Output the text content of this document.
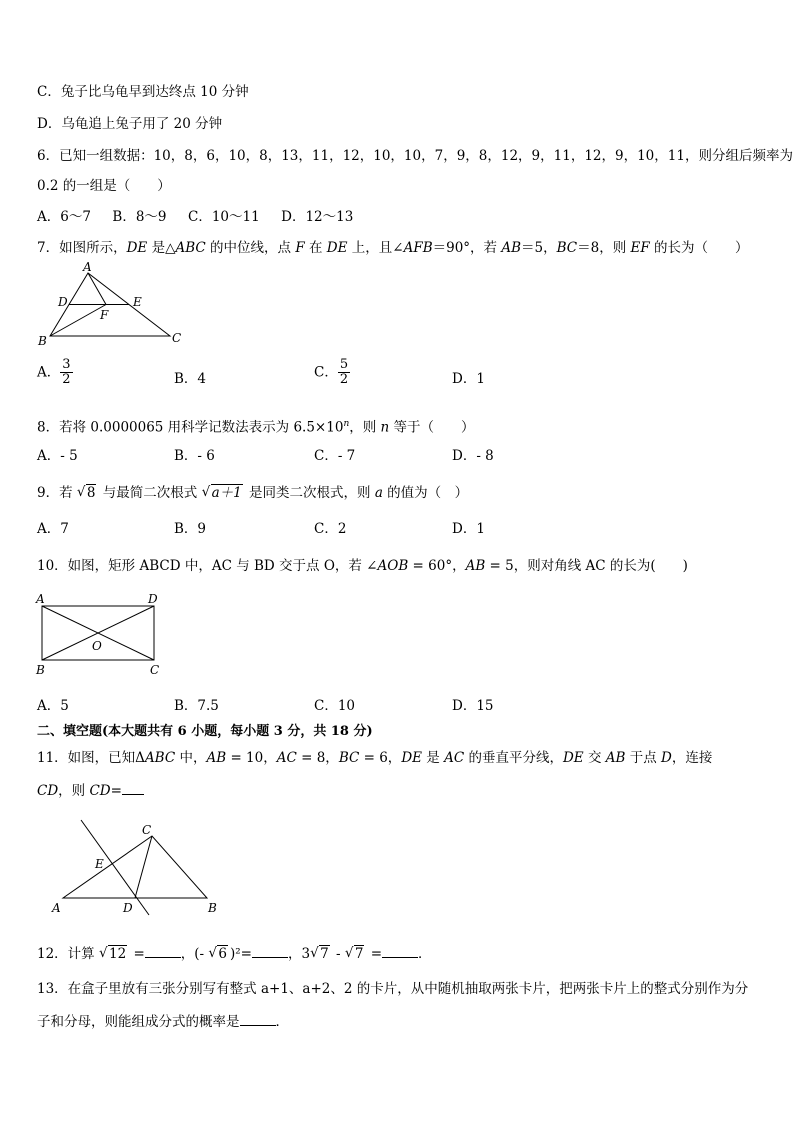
C．兔子比乌龟早到达终点 10 分钟
D．乌龟追上兔子用了 20 分钟
6．已知一组数据：10，8，6，10，8，13，11，12，10，10，7，9，8，12，9，11，12，9，10，11，则分组后频率为
0.2 的一组是（　　）
A．6～7 B．8～9 C．10～11 D．12～13
7．如图所示，DE 是△ABC 的中位线，点 F 在 DE 上，且∠AFB＝90°，若 AB＝5，BC＝8，则 EF 的长为（　　）
A
D	E
F
B	C
A． $\frac{3}{2}$	B．4	C． $\frac{5}{2}$	D．1
8．若将 0.0000065 用科学记数法表示为 $6.5\times 10^n$，则 n 等于（　　）
A．- 5	B．- 6	C．- 7	D．- 8
9．若 √ 8 与最简二次根式 √ a＋1 是同类二次根式，则 a 的值为（　）
A．7	B．9	C．2	D．1
10．如图，矩形 ABCD 中，AC 与 BD 交于点 O，若 ∠AOB = 60°，AB = 5，则对角线 AC 的长为(　　)
A	D
O
B	C
A．5	B．7.5	C．10	D．15
二、填空题(本大题共有 6 小题，每小题 3 分，共 18 分)
11．如图，已知ΔABC 中，AB = 10，AC = 8，BC = 6，DE 是 AC 的垂直平分线，DE 交 AB 于点 D，连接
CD，则 CD=
C
E
A	D	B
12．计算 √ 12 =	，(- √ 6 )²=	，3√ 7 - √ 7 =	．
13．在盒子里放有三张分别写有整式 a+1、a+2、2 的卡片，从中随机抽取两张卡片，把两张卡片上的整式分别作为分
子和分母，则能组成分式的概率是	．
